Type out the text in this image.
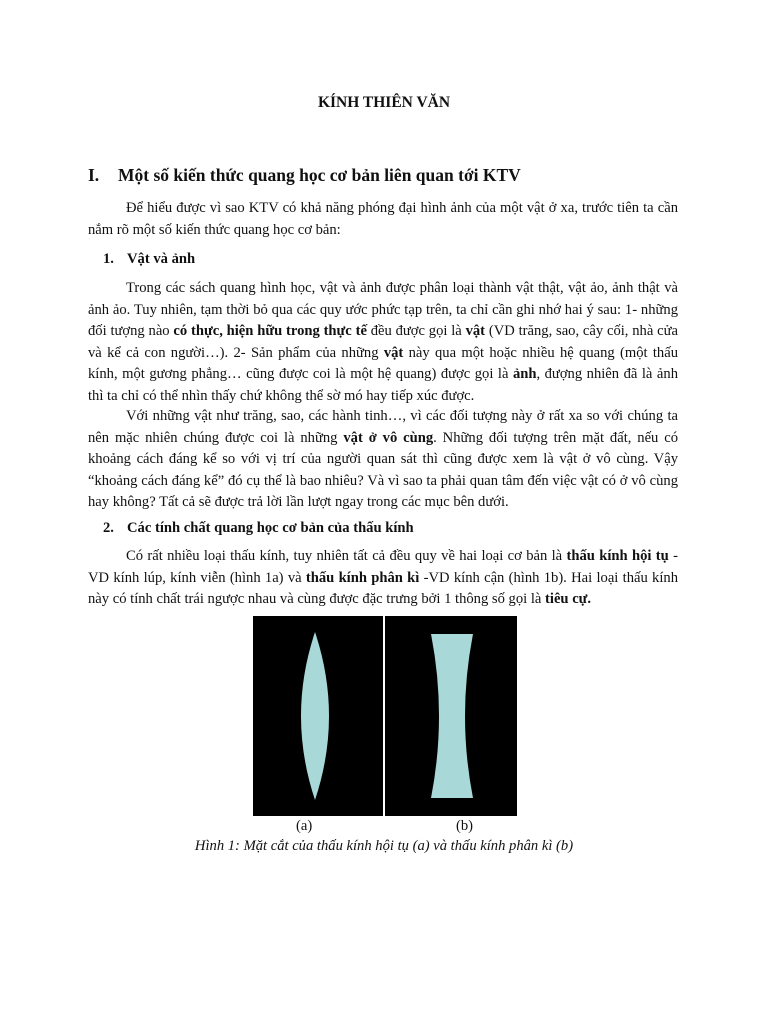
KÍNH THIÊN VĂN
I. Một số kiến thức quang học cơ bản liên quan tới KTV
Để hiểu được vì sao KTV có khả năng phóng đại hình ảnh của một vật ở xa, trước tiên ta cần nắm rõ một số kiến thức quang học cơ bản:
1. Vật và ảnh
Trong các sách quang hình học, vật và ảnh được phân loại thành vật thật, vật ảo, ảnh thật và ảnh ảo. Tuy nhiên, tạm thời bỏ qua các quy ước phức tạp trên, ta chỉ cần ghi nhớ hai ý sau: 1- những đối tượng nào có thực, hiện hữu trong thực tế đều được gọi là vật (VD trăng, sao, cây cối, nhà cửa và kể cả con người…). 2- Sản phẩm của những vật này qua một hoặc nhiều hệ quang (một thấu kính, một gương phẳng… cũng được coi là một hệ quang) được gọi là ảnh, đượng nhiên đã là ảnh thì ta chỉ có thể nhìn thấy chứ không thể sờ mó hay tiếp xúc được.
Với những vật như trăng, sao, các hành tinh…, vì các đối tượng này ở rất xa so với chúng ta nên mặc nhiên chúng được coi là những vật ở vô cùng. Những đối tượng trên mặt đất, nếu có khoảng cách đáng kể so với vị trí của người quan sát thì cũng được xem là vật ở vô cùng. Vậy “khoảng cách đáng kể” đó cụ thể là bao nhiêu? Và vì sao ta phải quan tâm đến việc vật có ở vô cùng hay không? Tất cả sẽ được trả lời lần lượt ngay trong các mục bên dưới.
2. Các tính chất quang học cơ bản của thấu kính
Có rất nhiều loại thấu kính, tuy nhiên tất cả đều quy về hai loại cơ bản là thấu kính hội tụ - VD kính lúp, kính viễn (hình 1a) và thấu kính phân kì -VD kính cận (hình 1b). Hai loại thấu kính này có tính chất trái ngược nhau và cùng được đặc trưng bởi 1 thông số gọi là tiêu cự.
(a)	(b)
Hình 1: Mặt cắt của thấu kính hội tụ (a) và thấu kính phân kì (b)
